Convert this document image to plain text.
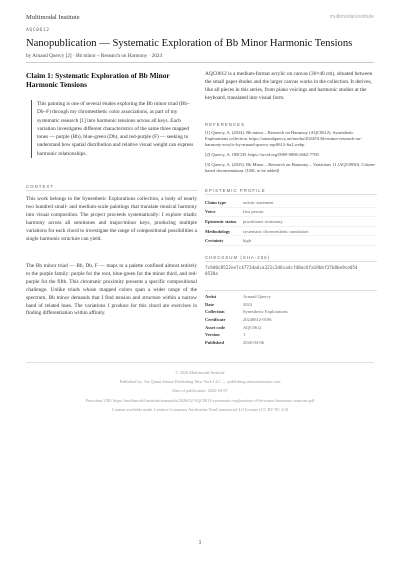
Multimodal Institute	multimodal.institute
AQC0612
Nanopublication — Systematic Exploration of Bb Minor Harmonic Tensions
by Arnaud Quercy [2] · Bb minor – Research on Harmony · 2024
Claim 1: Systematic Exploration of Bb Minor Harmonic Tensions
This painting is one of several études exploring the Bb minor triad (Bb–Db–F) through my chromesthetic color associations, as part of my systematic research [1] into harmonic tensions across all keys. Each variation investigates different characteristics of the same three mapped tones — purple (Bb), blue-green (Db), and red-purple (F) — seeking to understand how spatial distribution and relative visual weight can express harmonic relationships.
CONTEXT

This work belongs to the Synesthetic Explorations collection, a body of nearly two hundred small- and medium-scale paintings that translate musical harmony into visual composition. The project proceeds systematically: I explore triadic harmony across all semitones and major/minor keys, producing multiple variations for each chord to investigate the range of compositional possibilities a single harmonic structure can yield.

The Bb minor triad — Bb, Db, F — maps to a palette confined almost entirely to the purple family: purple for the root, blue-green for the minor third, and red-purple for the fifth. This chromatic proximity presents a specific compositional challenge. Unlike triads whose mapped colors span a wider range of the spectrum, Bb minor demands that I find tension and structure within a narrow band of related hues. The variations I produce for this chord are exercises in finding differentiation within affinity.

AQC0612 is a medium-format acrylic on canvas (30×40 cm), situated between the small paper études and the larger canvas works in the collection. It derives, like all pieces in this series, from piano voicings and harmonic studies at the keyboard, translated into visual form.

REFERENCES
[1] Quercy, A. (2024). Bb minor – Research on Harmony (AQC0612). Synesthetic Explorations collection. https://arnaudquercy.art/media/2024/01/bb-minor-research-on-harmony-acrylic-by-arnaud-quercy-aqc0612-fta2.webp
[2] Quercy, A. ORCID: https://orcid.org/0009-0006-2662-7700
[3] Quercy, A. (2025). Bb Minor – Research on Harmony – Variations 11 (AQC0930). Citizen-based documentation. [URL to be added]
EPISTEMIC PROFILE
Claim type	artistic statement
Voice	first person
Epistemic status	practitioner testimony
Methodology	systematic chromesthetic translation
Certainty	high
CHECKSUM (SHA-256)
7c9d0c8522ee7c47734a6ca321c2d6ca4cfd8ac6fa19bbf37b8be9ce0540538a
Artist	Arnaud Quercy
Date	2024
Collection	Synesthetic Explorations
Certificate	20240612-0106
Asset code	AQC0612
Version	1
Published	2026-04-06
© 2026 Multimodal Institute
Published by: Art Quant Sinuae Publishing New York LLC — publishing.artnuanasinuss.com
Date of publication: 2026-04-07
Persistent URI: https://multimodal.institute/nanopubs/2026/02/AQC0612-systematic-exploration-of-bb-minor-harmonic-tensions.pdf
Content available under Creative Commons Attribution-NonCommercial 4.0 License (CC BY-NC 4.0)
1
